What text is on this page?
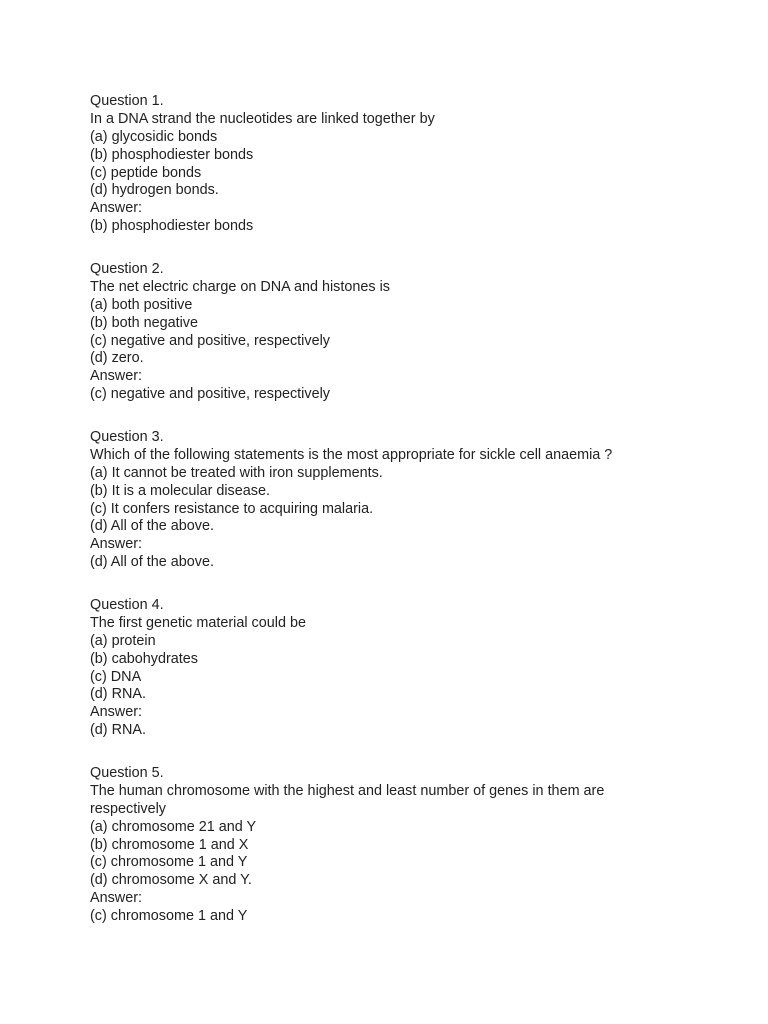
Question 1.
In a DNA strand the nucleotides are linked together by
(a) glycosidic bonds
(b) phosphodiester bonds
(c) peptide bonds
(d) hydrogen bonds.
Answer:
(b) phosphodiester bonds
Question 2.
The net electric charge on DNA and histones is
(a) both positive
(b) both negative
(c) negative and positive, respectively
(d) zero.
Answer:
(c) negative and positive, respectively
Question 3.
Which of the following statements is the most appropriate for sickle cell anaemia ?
(a) It cannot be treated with iron supplements.
(b) It is a molecular disease.
(c) It confers resistance to acquiring malaria.
(d) All of the above.
Answer:
(d) All of the above.
Question 4.
The first genetic material could be
(a) protein
(b) cabohydrates
(c) DNA
(d) RNA.
Answer:
(d) RNA.
Question 5.
The human chromosome with the highest and least number of genes in them are respectively
(a) chromosome 21 and Y
(b) chromosome 1 and X
(c) chromosome 1 and Y
(d) chromosome X and Y.
Answer:
(c) chromosome 1 and Y
